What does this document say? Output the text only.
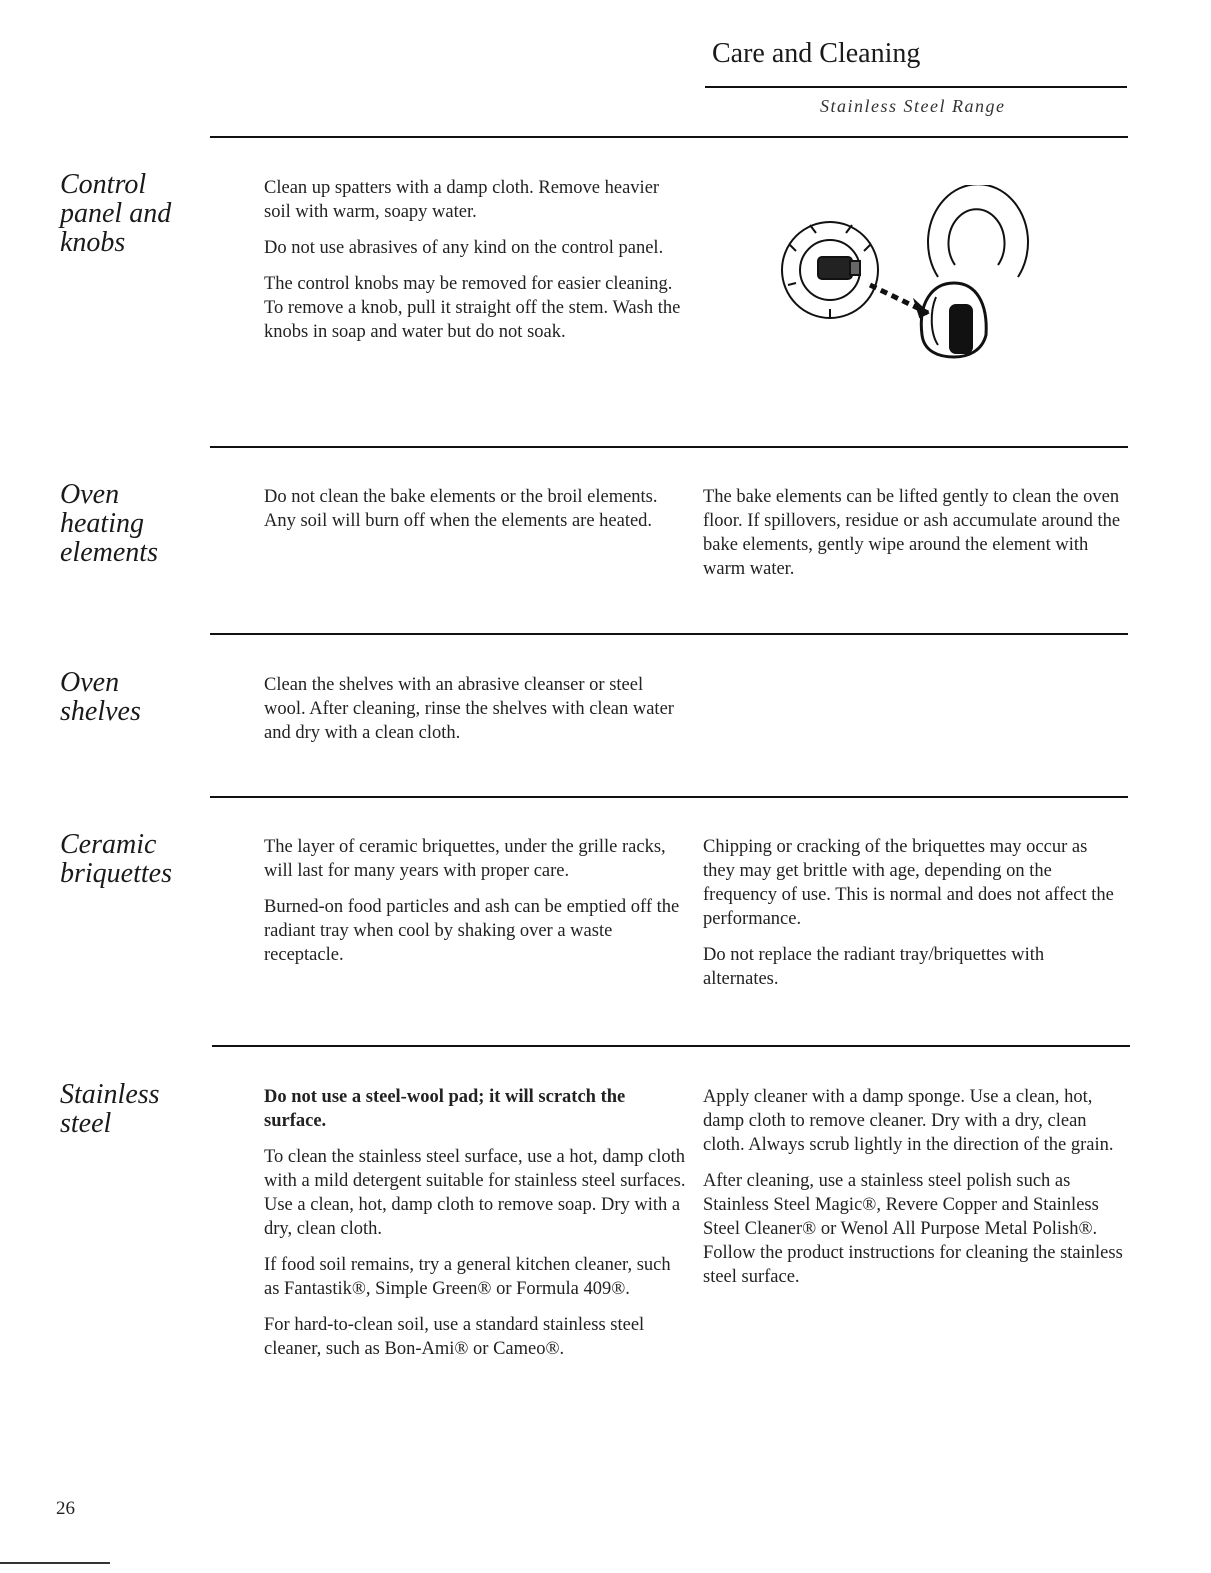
Care and Cleaning
Stainless Steel Range
Control panel and knobs

Clean up spatters with a damp cloth. Remove heavier soil with warm, soapy water.

Do not use abrasives of any kind on the control panel.

The control knobs may be removed for easier cleaning. To remove a knob, pull it straight off the stem. Wash the knobs in soap and water but do not soak.

Oven heating elements

Do not clean the bake elements or the broil elements. Any soil will burn off when the elements are heated.

The bake elements can be lifted gently to clean the oven floor. If spillovers, residue or ash accumulate around the bake elements, gently wipe around the element with warm water.

Oven shelves

Clean the shelves with an abrasive cleanser or steel wool. After cleaning, rinse the shelves with clean water and dry with a clean cloth.

Ceramic briquettes

The layer of ceramic briquettes, under the grille racks, will last for many years with proper care.

Burned-on food particles and ash can be emptied off the radiant tray when cool by shaking over a waste receptacle.

Chipping or cracking of the briquettes may occur as they may get brittle with age, depending on the frequency of use. This is normal and does not affect the performance.

Do not replace the radiant tray/briquettes with alternates.

Stainless steel

Do not use a steel-wool pad; it will scratch the surface.

To clean the stainless steel surface, use a hot, damp cloth with a mild detergent suitable for stainless steel surfaces. Use a clean, hot, damp cloth to remove soap. Dry with a dry, clean cloth.

If food soil remains, try a general kitchen cleaner, such as Fantastik®, Simple Green® or Formula 409®.

For hard-to-clean soil, use a standard stainless steel cleaner, such as Bon-Ami® or Cameo®.

Apply cleaner with a damp sponge. Use a clean, hot, damp cloth to remove cleaner. Dry with a dry, clean cloth. Always scrub lightly in the direction of the grain.

After cleaning, use a stainless steel polish such as Stainless Steel Magic®, Revere Copper and Stainless Steel Cleaner® or Wenol All Purpose Metal Polish®. Follow the product instructions for cleaning the stainless steel surface.

26
